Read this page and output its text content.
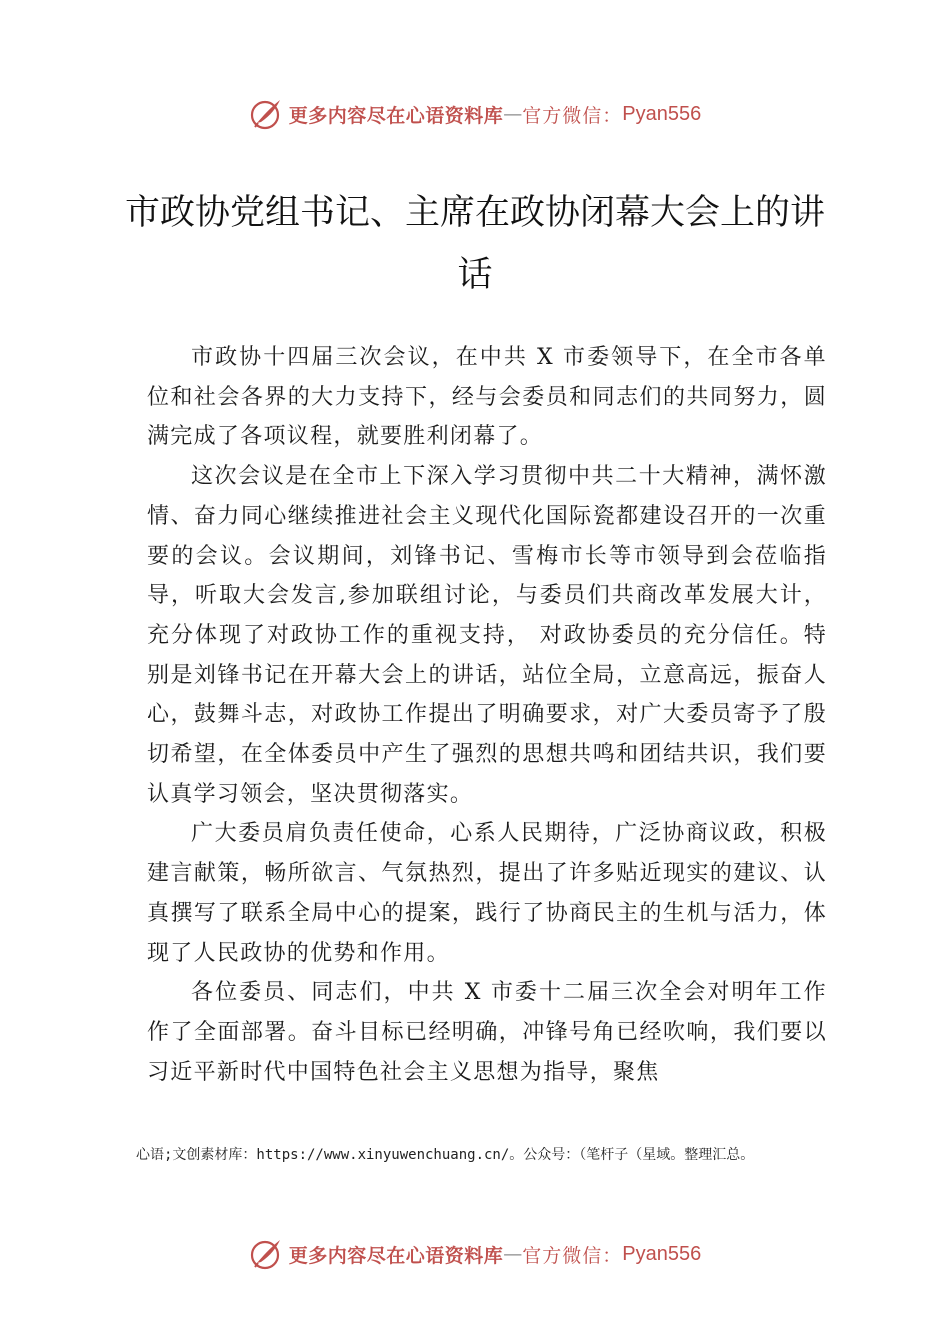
更多内容尽在心语资料库 — 官方微信： Pyan556
市政协党组书记、主席在政协闭幕大会上的讲话

市政协十四届三次会议，在中共 X 市委领导下，在全市各单位和社会各界的大力支持下，经与会委员和同志们的共同努力，圆满完成了各项议程，就要胜利闭幕了。

这次会议是在全市上下深入学习贯彻中共二十大精神，满怀激情、奋力同心继续推进社会主义现代化国际瓷都建设召开的一次重要的会议。会议期间，刘锋书记、雪梅市长等市领导到会莅临指导，听取大会发言,参加联组讨论，与委员们共商改革发展大计，充分体现了对政协工作的重视支持， 对政协委员的充分信任。特别是刘锋书记在开幕大会上的讲话，站位全局，立意高远，振奋人心，鼓舞斗志，对政协工作提出了明确要求，对广大委员寄予了殷切希望，在全体委员中产生了强烈的思想共鸣和团结共识，我们要认真学习领会，坚决贯彻落实。

广大委员肩负责任使命，心系人民期待，广泛协商议政，积极建言献策，畅所欲言、气氛热烈，提出了许多贴近现实的建议、认真撰写了联系全局中心的提案，践行了协商民主的生机与活力，体现了人民政协的优势和作用。

各位委员、同志们，中共 X 市委十二届三次全会对明年工作作了全面部署。奋斗目标已经明确，冲锋号角已经吹响，我们要以习近平新时代中国特色社会主义思想为指导，聚焦

心语;文创素材库：https://www.xinyuwenchuang.cn/。公众号：（笔杆子（星域。整理汇总。
更多内容尽在心语资料库 — 官方微信： Pyan556
